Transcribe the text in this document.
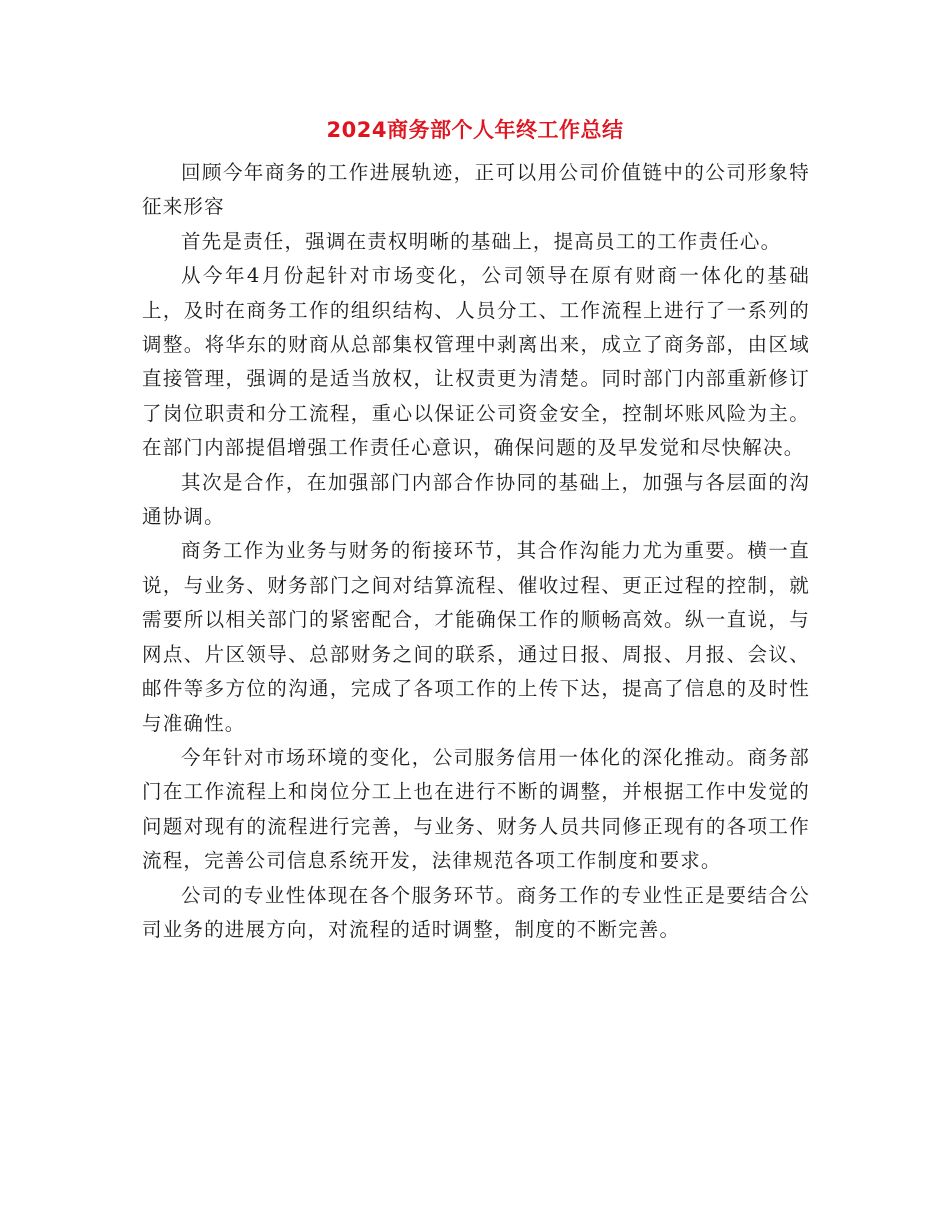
2024商务部个人年终工作总结

回顾今年商务的工作进展轨迹，正可以用公司价值链中的公司形象特征来形容

首先是责任，强调在责权明晰的基础上，提高员工的工作责任心。

从今年4月份起针对市场变化，公司领导在原有财商一体化的基础上，及时在商务工作的组织结构、人员分工、工作流程上进行了一系列的调整。将华东的财商从总部集权管理中剥离出来，成立了商务部，由区域直接管理，强调的是适当放权，让权责更为清楚。同时部门内部重新修订了岗位职责和分工流程，重心以保证公司资金安全，控制坏账风险为主。在部门内部提倡增强工作责任心意识，确保问题的及早发觉和尽快解决。

其次是合作，在加强部门内部合作协同的基础上，加强与各层面的沟通协调。

商务工作为业务与财务的衔接环节，其合作沟能力尤为重要。横一直说，与业务、财务部门之间对结算流程、催收过程、更正过程的控制，就需要所以相关部门的紧密配合，才能确保工作的顺畅高效。纵一直说，与网点、片区领导、总部财务之间的联系，通过日报、周报、月报、会议、邮件等多方位的沟通，完成了各项工作的上传下达，提高了信息的及时性与准确性。

今年针对市场环境的变化，公司服务信用一体化的深化推动。商务部门在工作流程上和岗位分工上也在进行不断的调整，并根据工作中发觉的问题对现有的流程进行完善，与业务、财务人员共同修正现有的各项工作流程，完善公司信息系统开发，法律规范各项工作制度和要求。

公司的专业性体现在各个服务环节。商务工作的专业性正是要结合公司业务的进展方向，对流程的适时调整，制度的不断完善。
